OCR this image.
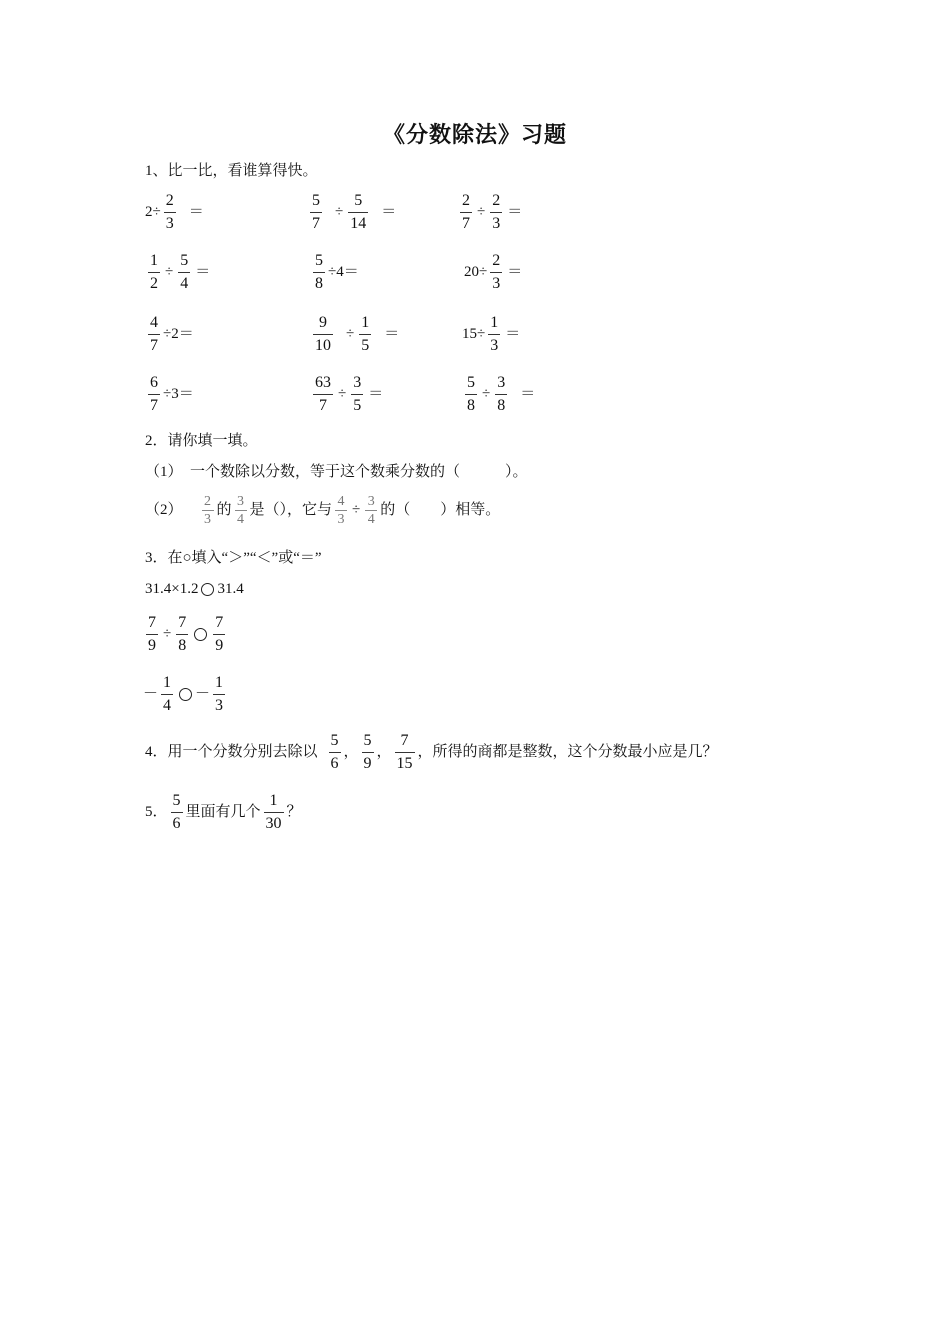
《分数除法》习题
1、比一比，看谁算得快。
$2\div \frac{2}{3}$ ＝	$\frac{5}{7} \div \frac{5}{14}$ ＝	$\frac{2}{7} \div \frac{2}{3}$ ＝
$\frac{1}{2} \div \frac{5}{4}$ ＝	$\frac{5}{8} \div 4=$	$20\div \frac{2}{3}$ ＝
$\frac{4}{7} \div 2=$	$\frac{9}{10} \div \frac{1}{5}$ ＝	$15\div \frac{1}{3}$ ＝
$\frac{6}{7} \div 3=$	$\frac{63}{7} \div \frac{3}{5}$ ＝	$\frac{5}{8} \div \frac{3}{8}$ ＝
2．请你填一填。
（1）　一个数除以分数，等于这个数乘分数的（　　　）。
$(2) \frac{2}{3}$ 的 $\frac{3}{4}$ 是（），它与 $\frac{4}{3} \div \frac{3}{4}$ 的（　　）相等。
3．在○填入“＞”“＜”或“＝”
31.4×1.2 31.4
$\frac{7}{9} \div \frac{7}{8} \frac{7}{9}$
－ $\frac{1}{4} - \frac{1}{3}$
4．用一个分数分别去除以 $\frac{5}{6}$ ， $\frac{5}{9}$ ， $\frac{7}{15}$ ，所得的商都是整数，这个分数最小应是几？
5． $\frac{5}{6}$ 里面有几个 $\frac{1}{30}$ ？
